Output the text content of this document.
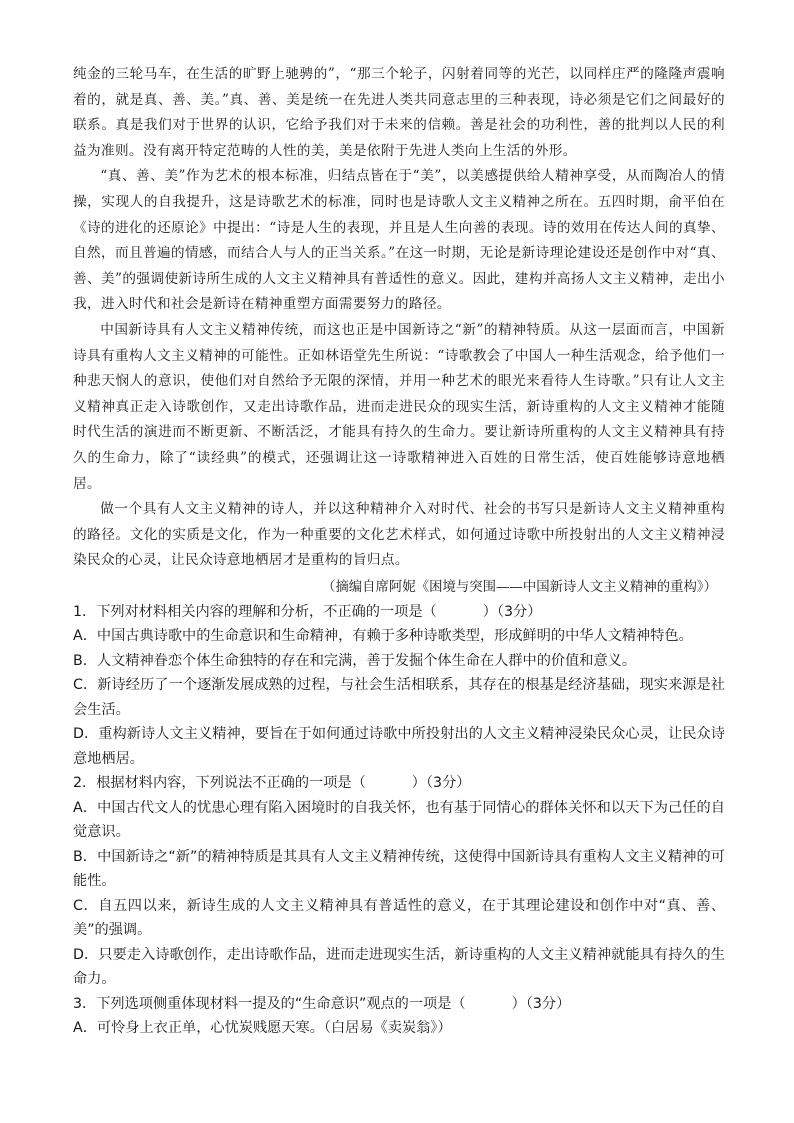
纯金的三轮马车，在生活的旷野上驰骋的”，“那三个轮子，闪射着同等的光芒，以同样庄严的隆隆声震响着的，就是真、善、美。”真、善、美是统一在先进人类共同意志里的三种表现，诗必须是它们之间最好的联系。真是我们对于世界的认识，它给予我们对于未来的信赖。善是社会的功利性，善的批判以人民的利益为准则。没有离开特定范畴的人性的美，美是依附于先进人类向上生活的外形。

“真、善、美”作为艺术的根本标准，归结点皆在于“美”，以美感提供给人精神享受，从而陶冶人的情操，实现人的自我提升，这是诗歌艺术的标准，同时也是诗歌人文主义精神之所在。五四时期，俞平伯在《诗的进化的还原论》中提出：“诗是人生的表现，并且是人生向善的表现。诗的效用在传达人间的真挚、自然，而且普遍的情感，而结合人与人的正当关系。”在这一时期，无论是新诗理论建设还是创作中对“真、善、美”的强调使新诗所生成的人文主义精神具有普适性的意义。因此，建构并高扬人文主义精神，走出小我，进入时代和社会是新诗在精神重塑方面需要努力的路径。

中国新诗具有人文主义精神传统，而这也正是中国新诗之“新”的精神特质。从这一层面而言，中国新诗具有重构人文主义精神的可能性。正如林语堂先生所说：“诗歌教会了中国人一种生活观念，给予他们一种悲天悯人的意识，使他们对自然给予无限的深情，并用一种艺术的眼光来看待人生诗歌。”只有让人文主义精神真正走入诗歌创作，又走出诗歌作品，进而走进民众的现实生活，新诗重构的人文主义精神才能随时代生活的演进而不断更新、不断活泛，才能具有持久的生命力。要让新诗所重构的人文主义精神具有持久的生命力，除了“读经典”的模式，还强调让这一诗歌精神进入百姓的日常生活，使百姓能够诗意地栖居。

做一个具有人文主义精神的诗人，并以这种精神介入对时代、社会的书写只是新诗人文主义精神重构的路径。文化的实质是文化，作为一种重要的文化艺术样式，如何通过诗歌中所投射出的人文主义精神浸染民众的心灵，让民众诗意地栖居才是重构的旨归点。

（摘编自席阿妮《困境与突围——中国新诗人文主义精神的重构》）

1．下列对材料相关内容的理解和分析，不正确的一项是（	）（3分）

A．中国古典诗歌中的生命意识和生命精神，有赖于多种诗歌类型，形成鲜明的中华人文精神特色。

B．人文精神眷恋个体生命独特的存在和完满，善于发掘个体生命在人群中的价值和意义。

C．新诗经历了一个逐渐发展成熟的过程，与社会生活相联系，其存在的根基是经济基础，现实来源是社会生活。

D．重构新诗人文主义精神，要旨在于如何通过诗歌中所投射出的人文主义精神浸染民众心灵，让民众诗意地栖居。

2．根据材料内容，下列说法不正确的一项是（	）（3分）

A．中国古代文人的忧患心理有陷入困境时的自我关怀，也有基于同情心的群体关怀和以天下为己任的自觉意识。

B．中国新诗之“新”的精神特质是其具有人文主义精神传统，这使得中国新诗具有重构人文主义精神的可能性。

C．自五四以来，新诗生成的人文主义精神具有普适性的意义，在于其理论建设和创作中对“真、善、美”的强调。

D．只要走入诗歌创作，走出诗歌作品，进而走进现实生活，新诗重构的人文主义精神就能具有持久的生命力。

3．下列选项侧重体现材料一提及的“生命意识”观点的一项是（	）（3分）

A．可怜身上衣正单，心忧炭贱愿天寒。（白居易《卖炭翁》）
